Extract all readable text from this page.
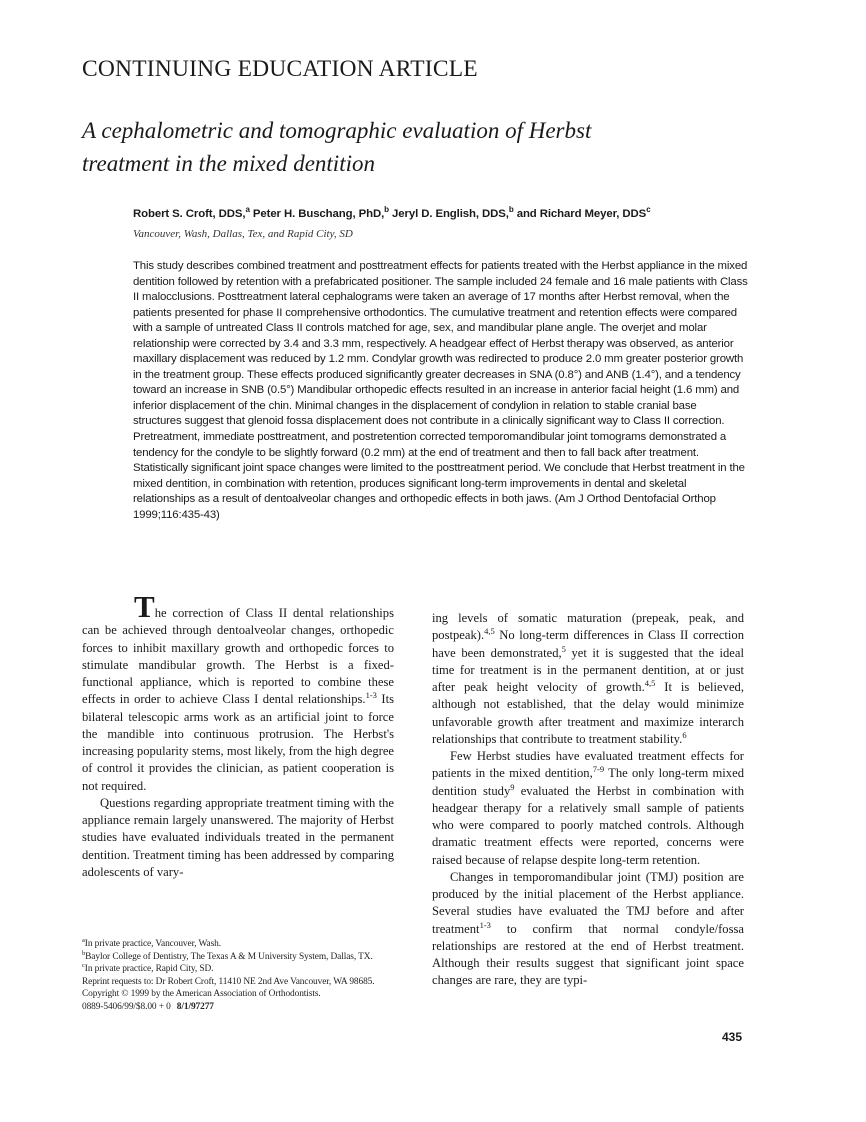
CONTINUING EDUCATION ARTICLE
A cephalometric and tomographic evaluation of Herbst
treatment in the mixed dentition
Robert S. Croft, DDS,$^a$ Peter H. Buschang, PhD,$^b$ Jeryl D. English, DDS,$^b$ and Richard Meyer, DDS$^c$
Vancouver, Wash, Dallas, Tex, and Rapid City, SD

This study describes combined treatment and posttreatment effects for patients treated with the Herbst appliance in the mixed dentition followed by retention with a prefabricated positioner. The sample included 24 female and 16 male patients with Class II malocclusions. Posttreatment lateral cephalograms were taken an average of 17 months after Herbst removal, when the patients presented for phase II comprehensive orthodontics. The cumulative treatment and retention effects were compared with a sample of untreated Class II controls matched for age, sex, and mandibular plane angle. The overjet and molar relationship were corrected by 3.4 and 3.3 mm, respectively. A headgear effect of Herbst therapy was observed, as anterior maxillary displacement was reduced by 1.2 mm. Condylar growth was redirected to produce 2.0 mm greater posterior growth in the treatment group. These effects produced significantly greater decreases in SNA (0.8°) and ANB (1.4°), and a tendency toward an increase in SNB (0.5°) Mandibular orthopedic effects resulted in an increase in anterior facial height (1.6 mm) and inferior displacement of the chin. Minimal changes in the displacement of condylion in relation to stable cranial base structures suggest that glenoid fossa displacement does not contribute in a clinically significant way to Class II correction. Pretreatment, immediate posttreatment, and postretention corrected temporomandibular joint tomograms demonstrated a tendency for the condyle to be slightly forward (0.2 mm) at the end of treatment and then to fall back after treatment. Statistically significant joint space changes were limited to the posttreatment period. We conclude that Herbst treatment in the mixed dentition, in combination with retention, produces significant long-term improvements in dental and skeletal relationships as a result of dentoalveolar changes and orthopedic effects in both jaws. (Am J Orthod Dentofacial Orthop 1999;116:435-43)

The correction of Class II dental relationships can be achieved through dentoalveolar changes, orthopedic forces to inhibit maxillary growth and orthopedic forces to stimulate mandibular growth. The Herbst is a fixed-functional appliance, which is reported to combine these effects in order to achieve Class I dental relationships.$^{1-3}$ Its bilateral telescopic arms work as an artificial joint to force the mandible into continuous protrusion. The Herbst's increasing popularity stems, most likely, from the high degree of control it provides the clinician, as patient cooperation is not required.

Questions regarding appropriate treatment timing with the appliance remain largely unanswered. The majority of Herbst studies have evaluated individuals treated in the permanent dentition. Treatment timing has been addressed by comparing adolescents of vary-

ing levels of somatic maturation (prepeak, peak, and postpeak).$^{4,5}$ No long-term differences in Class II correction have been demonstrated,$^5$ yet it is suggested that the ideal time for treatment is in the permanent dentition, at or just after peak height velocity of growth.$^{4,5}$ It is believed, although not established, that the delay would minimize unfavorable growth after treatment and maximize interarch relationships that contribute to treatment stability.$^6$

Few Herbst studies have evaluated treatment effects for patients in the mixed dentition,$^{7-9}$ The only long-term mixed dentition study$^9$ evaluated the Herbst in combination with headgear therapy for a relatively small sample of patients who were compared to poorly matched controls. Although dramatic treatment effects were reported, concerns were raised because of relapse despite long-term retention.

Changes in temporomandibular joint (TMJ) position are produced by the initial placement of the Herbst appliance. Several studies have evaluated the TMJ before and after treatment$^{1-3}$ to confirm that normal condyle/fossa relationships are restored at the end of Herbst treatment. Although their results suggest that significant joint space changes are rare, they are typi-

$^a$In private practice, Vancouver, Wash.
$^b$Baylor College of Dentistry, The Texas A & M University System, Dallas, TX.
$^c$In private practice, Rapid City, SD.
Reprint requests to: Dr Robert Croft, 11410 NE 2nd Ave Vancouver, WA 98685.
Copyright © 1999 by the American Association of Orthodontists.
0889-5406/99/$8.00 + 0 8/1/97277
435
